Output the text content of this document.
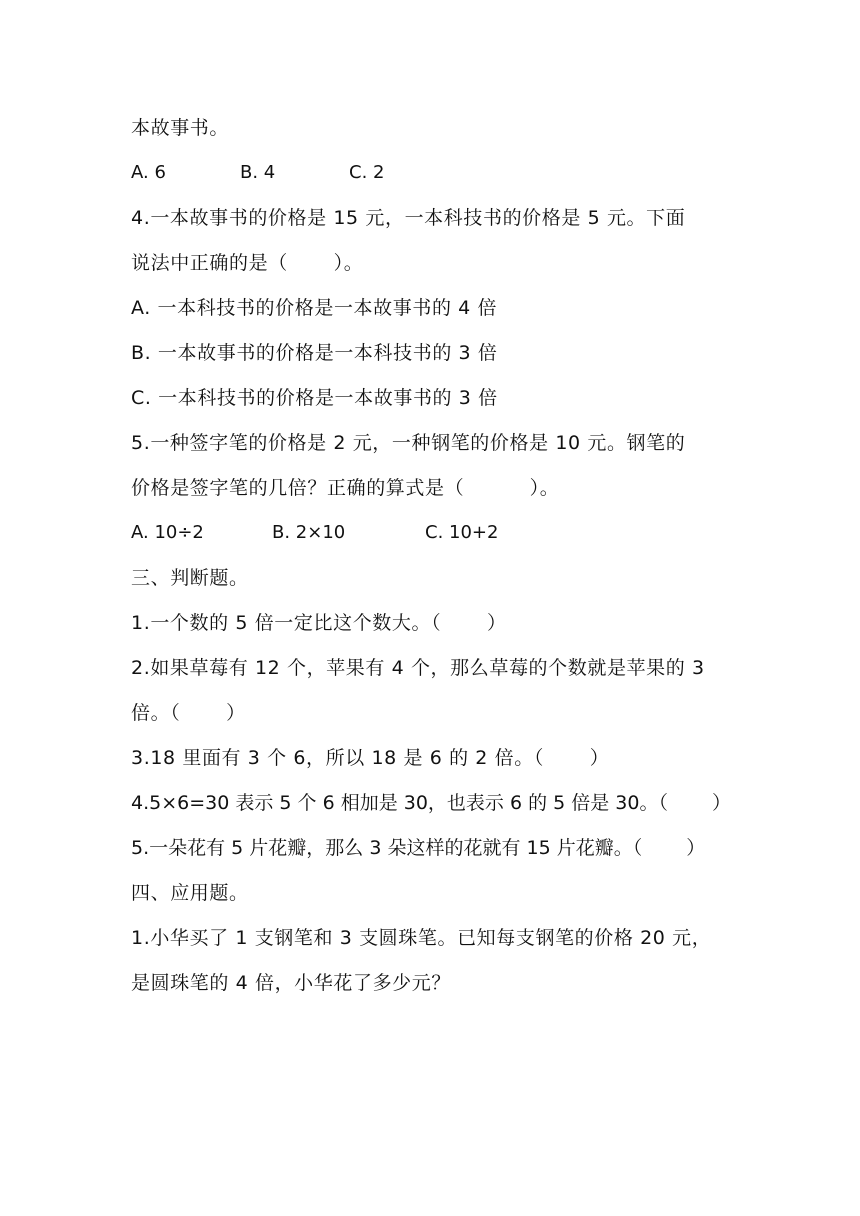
本故事书。
A. 6	B. 4	C. 2
4.一本故事书的价格是 15 元，一本科技书的价格是 5 元。下面
说法中正确的是（　　 ）。
A. 一本科技书的价格是一本故事书的 4 倍
B. 一本故事书的价格是一本科技书的 3 倍
C. 一本科技书的价格是一本故事书的 3 倍
5.一种签字笔的价格是 2 元，一种钢笔的价格是 10 元。钢笔的
价格是签字笔的几倍？正确的算式是（　　　 ）。
A. 10÷2	B. 2×10	C. 10+2
三、判断题。
1.一个数的 5 倍一定比这个数大。（　　 ）
2.如果草莓有 12 个，苹果有 4 个，那么草莓的个数就是苹果的 3
倍。（　　 ）
3.18 里面有 3 个 6，所以 18 是 6 的 2 倍。（　　 ）
4.5×6=30 表示 5 个 6 相加是 30，也表示 6 的 5 倍是 30。（　　 ）
5.一朵花有 5 片花瓣，那么 3 朵这样的花就有 15 片花瓣。（　　 ）
四、应用题。
1.小华买了 1 支钢笔和 3 支圆珠笔。已知每支钢笔的价格 20 元，
是圆珠笔的 4 倍，小华花了多少元？
